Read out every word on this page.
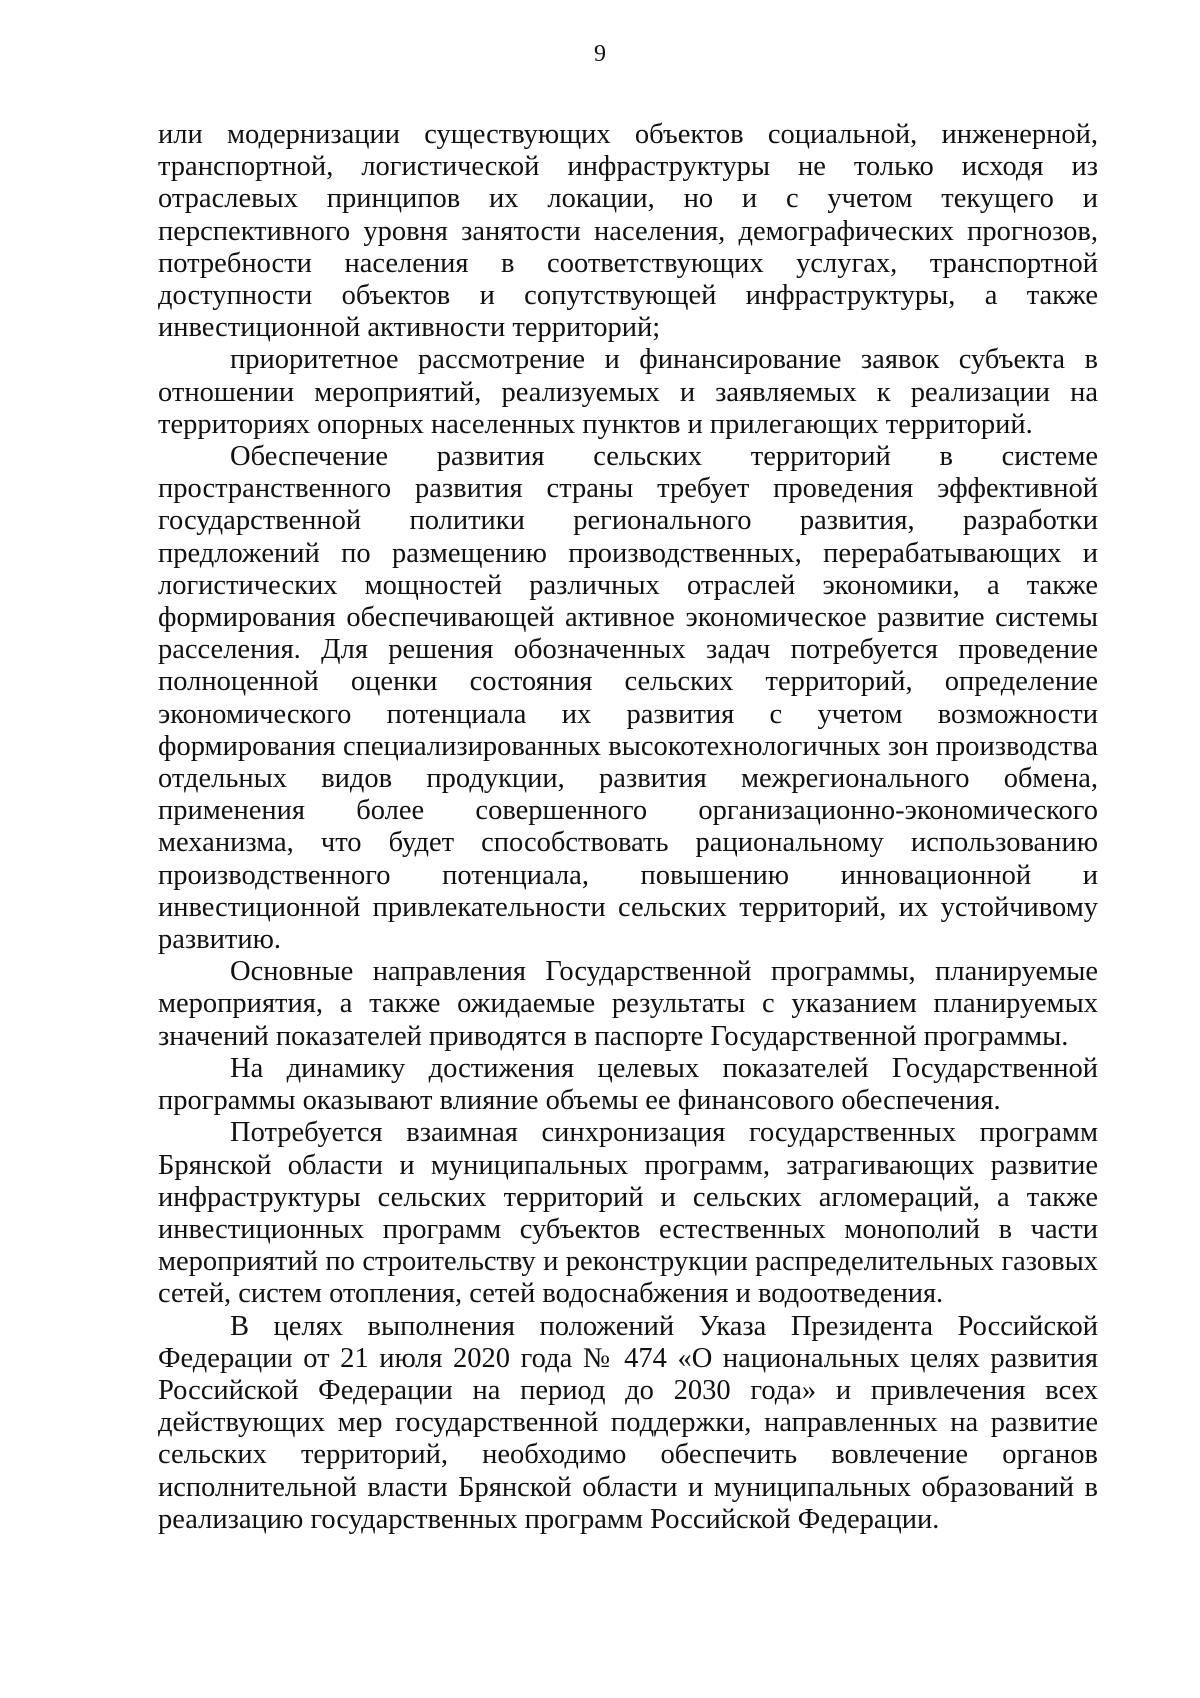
9

или модернизации существующих объектов социальной, инженерной, транспортной, логистической инфраструктуры не только исходя из отраслевых принципов их локации, но и с учетом текущего и перспективного уровня занятости населения, демографических прогнозов, потребности населения в соответствующих услугах, транспортной доступности объектов и сопутствующей инфраструктуры, а также инвестиционной активности территорий;

приоритетное рассмотрение и финансирование заявок субъекта в отношении мероприятий, реализуемых и заявляемых к реализации на территориях опорных населенных пунктов и прилегающих территорий.

Обеспечение развития сельских территорий в системе пространственного развития страны требует проведения эффективной государственной политики регионального развития, разработки предложений по размещению производственных, перерабатывающих и логистических мощностей различных отраслей экономики, а также формирования обеспечивающей активное экономическое развитие системы расселения. Для решения обозначенных задач потребуется проведение полноценной оценки состояния сельских территорий, определение экономического потенциала их развития с учетом возможности формирования специализированных высокотехнологичных зон производства отдельных видов продукции, развития межрегионального обмена, применения более совершенного организационно-экономического механизма, что будет способствовать рациональному использованию производственного потенциала, повышению инновационной и инвестиционной привлекательности сельских территорий, их устойчивому развитию.

Основные направления Государственной программы, планируемые мероприятия, а также ожидаемые результаты с указанием планируемых значений показателей приводятся в паспорте Государственной программы.

На динамику достижения целевых показателей Государственной программы оказывают влияние объемы ее финансового обеспечения.

Потребуется взаимная синхронизация государственных программ Брянской области и муниципальных программ, затрагивающих развитие инфраструктуры сельских территорий и сельских агломераций, а также инвестиционных программ субъектов естественных монополий в части мероприятий по строительству и реконструкции распределительных газовых сетей, систем отопления, сетей водоснабжения и водоотведения.

В целях выполнения положений Указа Президента Российской Федерации от 21 июля 2020 года № 474 «О национальных целях развития Российской Федерации на период до 2030 года» и привлечения всех действующих мер государственной поддержки, направленных на развитие сельских территорий, необходимо обеспечить вовлечение органов исполнительной власти Брянской области и муниципальных образований в реализацию государственных программ Российской Федерации.
